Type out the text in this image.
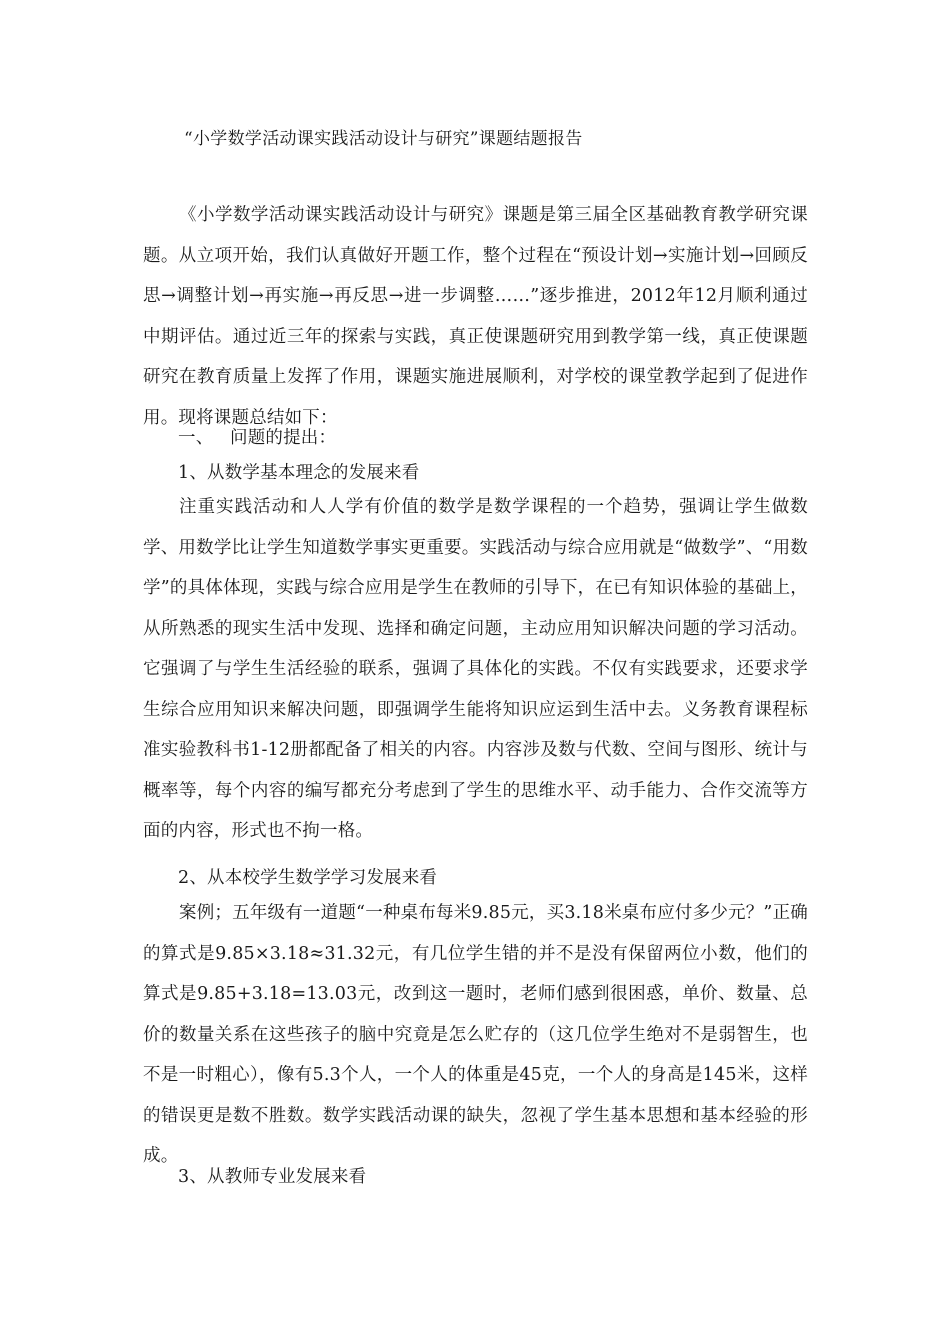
“小学数学活动课实践活动设计与研究”课题结题报告

《小学数学活动课实践活动设计与研究》课题是第三届全区基础教育教学研究课题。从立项开始，我们认真做好开题工作，整个过程在“预设计划→实施计划→回顾反思→调整计划→再实施→再反思→进一步调整……”逐步推进，2012年12月顺利通过中期评估。通过近三年的探索与实践，真正使课题研究用到教学第一线，真正使课题研究在教育质量上发挥了作用，课题实施进展顺利，对学校的课堂教学起到了促进作用。现将课题总结如下：

一、 问题的提出：
1、从数学基本理念的发展来看

注重实践活动和人人学有价值的数学是数学课程的一个趋势，强调让学生做数学、用数学比让学生知道数学事实更重要。实践活动与综合应用就是“做数学”、“用数学”的具体体现，实践与综合应用是学生在教师的引导下，在已有知识体验的基础上，从所熟悉的现实生活中发现、选择和确定问题，主动应用知识解决问题的学习活动。它强调了与学生生活经验的联系，强调了具体化的实践。不仅有实践要求，还要求学生综合应用知识来解决问题，即强调学生能将知识应运到生活中去。义务教育课程标准实验教科书1-12册都配备了相关的内容。内容涉及数与代数、空间与图形、统计与概率等，每个内容的编写都充分考虑到了学生的思维水平、动手能力、合作交流等方面的内容，形式也不拘一格。

2、从本校学生数学学习发展来看

案例；五年级有一道题“一种桌布每米9.85元，买3.18米桌布应付多少元？”正确的算式是9.85×3.18≈31.32元，有几位学生错的并不是没有保留两位小数，他们的算式是9.85+3.18=13.03元，改到这一题时，老师们感到很困惑，单价、数量、总价的数量关系在这些孩子的脑中究竟是怎么贮存的（这几位学生绝对不是弱智生，也不是一时粗心），像有5.3个人，一个人的体重是45克，一个人的身高是145米，这样的错误更是数不胜数。数学实践活动课的缺失，忽视了学生基本思想和基本经验的形成。

3、从教师专业发展来看
